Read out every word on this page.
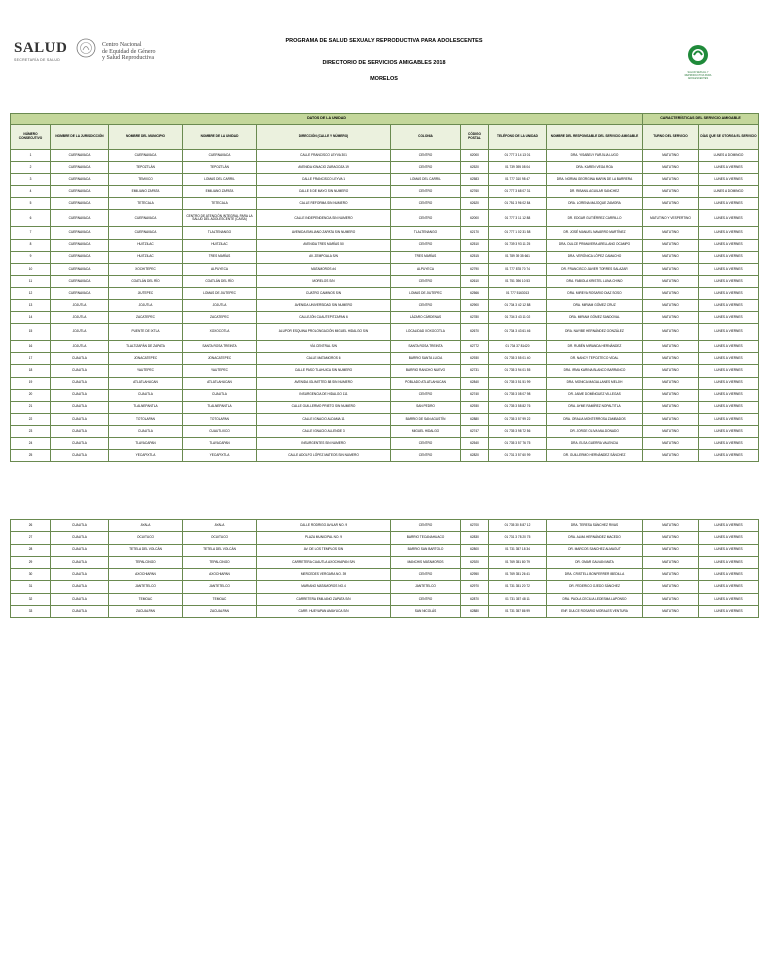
SALUD
SECRETARÍA DE SALUD
Centro Nacional
de Equidad de Género
y Salud Reproductiva
PROGRAMA DE SALUD SEXUALY REPRODUCTIVA PARA ADOLESCENTES
DIRECTORIO DE SERVICIOS AMIGABLES 2018
MORELOS
SALUD SEXUAL Y REPRODUCTIVA PARA ADOLESCENTES
DATOS DE LA UNIDAD									CARACTERÍSTICAS DEL SERVICIO AMIGABLE	
NÚMERO CONSECUTIVO	NOMBRE DE LA JURISDICCIÓN	NOMBRE DEL MUNICIPIO	NOMBRE DE LA UNIDAD	DIRECCIÓN (CALLE Y NÚMERO)	COLONIA	CÓDIGO POSTAL	TELÉFONO DE LA UNIDAD	NOMBRE DEL RESPONSABLE DEL SERVICIO AMIGABLE	TURNO DEL SERVICIO	DÍAS QUE SE OTORGA EL SERVICIO
1	CUERNAVACA	CUERNAVACA	CUERNAVACA	CALLE FRANCISCO LEYVA 301	CENTRO	62000	01 777 3 14 13 01	DRA. YISABELY FARJILIA LUGO	MATUTINO	LUNES A DOMINGO
2	CUERNAVACA	TEPOZTLÁN	TEPOZTLÁN	AVENIDA IGNACIO ZARAGOZA 19	CENTRO	62520	01 739 395 08 04	DRA. KAREN VEGA ROA	MATUTINO	LUNES A VIERNES
3	CUERNAVACA	TEMIXCO	LOMAS DEL CARRIL	CALLE FRANCISCO LEYVA 1	LOMAS DEL CARRIL	62583	01 777 310 98 47	DRA. NORMA GEORGINA MARIN DE LA BARRERA	MATUTINO	LUNES A VIERNES
4	CUERNAVACA	EMILIANO ZAPATA	EMILIANO ZAPATA	CALLE 5 DE MAYO SIN NUMERO	CENTRO	62760	01 777 3 68 07 31	DR. RIBANIL AGUILAR SANCHEZ	MATUTINO	LUNES A DOMINGO
5	CUERNAVACA	TETECALA	TETECALA	CALLE REFORMA SIN NUMERO	CENTRO	62620	01 751 3 96 02 84	DRA. LORENA MAJOQUE ZAMORA	MATUTINO	LUNES A VIERNES
6	CUERNAVACA	CUERNAVACA	CENTRO DE ATENCIÓN INTEGRAL PARA LA SALUD DEL ADOLESCENTE (CAISA)	CALLE INDEPENDENCIA SIN NUMERO	CENTRO	62000	01 777 3 11 12 88	DR. EDGAR GUTIÉRREZ CARRILLO	MATUTINO Y VESPERTINO	LUNES A VIERNES
7	CUERNAVACA	CUERNAVACA	TLALTENANGO	AVENIDA EMILIANO ZAPATA SIN NUMERO	TLALTENANGO	62170	01 777 1 02 31 58	DR. JOSÉ MANUEL NAVARRO MARTÍNEZ	MATUTINO	LUNES A VIERNES
8	CUERNAVACA	HUITZILAC	HUITZILAC	AVENIDA TRES MARÍAS 50	CENTRO	62510	01 739 3 93 11 25	DRA. DULCE PRIMAVERA ARELLANO OCAMPO	MATUTINO	LUNES A VIERNES
9	CUERNAVACA	HUITZILAC	TRES MARÍAS	AV. ZEMPOALA S/N	TRES MARÍAS	62515	01 789 39 35 661	DRA. VERÓNICA LÓPEZ CAMACHO	MATUTINO	LUNES A VIERNES
10	CUERNAVACA	XOCHITEPEC	ALPUYECA	MATAMOROS #4	ALPUYECA	62790	01 777 878 70 74	DR. FRANCISCO JAVIER TORRES SALAZAR	MATUTINO	LUNES A VIERNES
11	CUERNAVACA	COATLÁN DEL RÍO	COATLÁN DEL RÍO	MORELOS S/N	CENTRO	62610	01 751 396 10 53	DRA. FABIOLA KRISTEL LUNA CHINO	MATUTINO	LUNES A VIERNES
12	CUERNAVACA	JIUTEPEC	LOMAS DE JIUTEPEC	CUATRO CAMINOS S/N	LOMAS DE JIUTEPEC	62566	01 777 5163013	DRA. MIREYA ROSARIO DIAZ SOSO	MATUTINO	LUNES A VIERNES
13	JOJUTLA	JOJUTLA	JOJUTLA	AVENIDA UNIVERSIDAD SIN NUMERO	CENTRO	62900	01 734 3 42 12 88	DRA. MIRIAM GÓMEZ CRUZ	MATUTINO	LUNES A VIERNES
14	JOJUTLA	ZACATEPEC	ZACATEPEC	CALLEJÓN CUAUTEPITZAPAN 6	LÁZARO CÁRDENAS	62780	01 734 3 43 11 02	DRA. MIRIAM GÓMEZ SANDOVAL	MATUTINO	LUNES A VIERNES
15	JOJUTLA	PUENTE DE IXTLA	XOXOCOTLA	ALUPOR ESQUINA PROLONGACIÓN MIGUEL HIDALGO S/N	LOCALIDAD XOXOCOTLA	62670	01 734 3 43 61 46	DRA. NAYIBE HERNÁNDEZ GONZÁLEZ	MATUTINO	LUNES A VIERNES
16	JOJUTLA	TLALTIZAPÁN DE ZAPATA	SANTA ROSA TREINTA	VÍA CENTRAL S/N	SANTA ROSA TREINTA	62772	01 734 37 81420	DR. RUBÉN MIRANDA HERNÁNDEZ	MATUTINO	LUNES A VIERNES
17	CUAUTLA	JONACATEPEC	JONACATEPEC	CALLE MATAMOROS 6	BARRIO SANTA LUCIA	62930	01 735 3 55 01 40	DR. NANCY TEPOZTECO VIDAL	MATUTINO	LUNES A VIERNES
18	CUAUTLA	YAUTEPEC	YAUTEPEC	CALLE PASO TLAHUICA SIN NUMERO	BARRIO RANCHO NUEVO	62731	01 735 3 94 01 55	DRA. IRMA KARINA BLANCO BARRANCO	MATUTINO	LUNES A VIERNES
19	CUAUTLA	ATLATLAHUCAN	ATLATLAHUCAN	AVENIDA IGLIMITTED 88 SIN NUMERO	POBLADO ATLATLAHUCAN	62840	01 735 3 51 51 99	DRA. MONICA MAGALLANES MELJIH	MATUTINO	LUNES A VIERNES
20	CUAUTLA	CUAUTLA	CUAUTLA	INSURGENCIA DE HIDALGO 111	CENTRO	62740	01 735 3 08 07 98	DR. JAIME DOMÍNGUEZ VILLEGAS	MATUTINO	LUNES A VIERNES
21	CUAUTLA	TLALNEPANTLA	TLALNEPANTLA	CALLE GUILLERMO PRIETO SIN NUMERO	SAN PEDRO	62930	01 735 3 58 82 76	DRA. AYME RAMÍREZ NOPALTITLA	MATUTINO	LUNES A VIERNES
22	CUAUTLA	TOTOLAPAN	TOTOLAPAN	CALLE IGNACIO ALDAMA 11	BARRIO DE SAN AGUSTÍN	62880	01 735 3 57 99 22	DRA. ORALIA MONTERROSA ZAMBADOS	MATUTINO	LUNES A VIERNES
23	CUAUTLA	CUAUTLA	CUAUTLIXCO	CALLE IGNACIO ALLENDE 3	MIGUEL HIDALGO	62747	01 735 3 98 72 56	DR. JORGE OLIVA MALDONADO	MATUTINO	LUNES A VIERNES
24	CUAUTLA	TLAYACAPAN	TLAYACAPAN	INSURGENTES SIN NUMERO	CENTRO	62540	01 735 3 57 76 75	DRA. ELSA GUERRA VALENCIA	MATUTINO	LUNES A VIERNES
25	CUAUTLA	YECAPIXTLA	YECAPIXTLA	CALLE ADOLFO LÓPEZ MATEOS SIN NUMERO	CENTRO	62820	01 731 3 57 60 99	DR. GUILLERMO HERNÁNDEZ SÁNCHEZ	MATUTINO	LUNES A VIERNES
26	CUAUTLA	AYALA	AYALA	CALLE RODRIGO AVILAR NO. 9	CENTRO	62700	01 735 30 8 87 12	DRA. TERESA SÁNCHEZ RIVAS	MATUTINO	LUNES A VIERNES
27	CUAUTLA	OCUITUCO	OCUITUCO	PLAZA MUNICIPAL NO. 9	BARRIO TECANAHUACO	62830	01 731 3 78 20 75	DRA. ALMA HERNÁNDEZ MACEDO	MATUTINO	LUNES A VIERNES
28	CUAUTLA	TETELA DEL VOLCÁN	TETELA DEL VOLCÁN	AV. DE LOS TEMPLOS S/N	BARRIO SAN BARTOLO	62800	01 731 357 18 34	DR. MARCOS SANCHEZ ALMAGUT	MATUTINO	LUNES A VIERNES
29	CUAUTLA	TEPALCINGO	TEPALCINGO	CARRETERA CUAUTLA AXOCHIAPAN S/N	MANCHIS MATAMOROS	62920	01 769 351 80 79	DR. OMAR GALVAN MATA	MATUTINO	LUNES A VIERNES
30	CUAUTLA	AXOCHIAPAN	AXOCHIAPAN	MERCEDES VERGARA NO. 39	CENTRO	62950	01 769 351 26 41	DRA. CRISTELL BONFERRER IBEDILLA	MATUTINO	LUNES A VIERNES
31	CUAUTLA	JANTETELCO	JANTETELCO	MARIANO MATAMOROS NO.4	JANTETELCO	62970	01 731 351 20 72	DR. FEDERICO OJEDO SÁNCHEZ	MATUTINO	LUNES A VIERNES
32	CUAUTLA	TEMOAC	TEMOAC	CARRETERA EMILIANO ZAPATA S/N	CENTRO	62870	01 731 357 48 11	DRA. PAOLA CECILIA LEDESMA LAPONSO	MATUTINO	LUNES A VIERNES
33	CUAUTLA	ZACUALPAN	ZACUALPAN	CARR. HUEYAPAN AMAYUCA S/N	SAN NICOLÁS	62880	01 731 357 86 99	ENF. DULCE ROSARIO MORALES VENTURA	MATUTINO	LUNES A VIERNES
